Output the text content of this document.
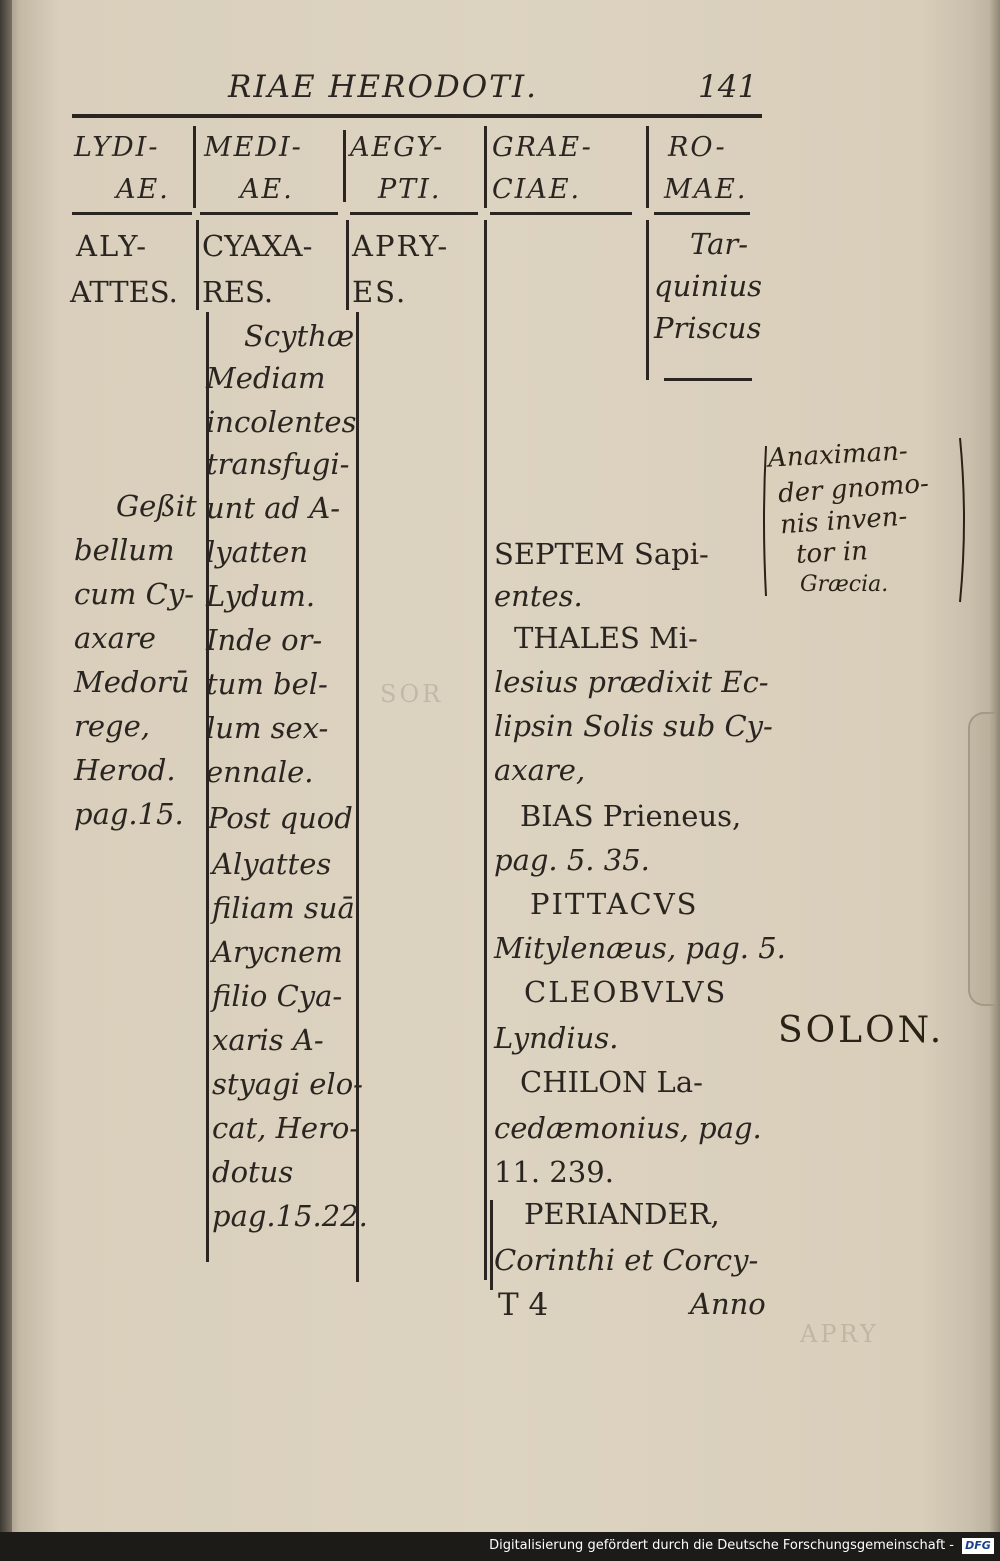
SOR
APRY
RIAE HERODOTI.	141
LYDI-
AE.
MEDI-
AE.
AEGY-
PTI.
GRAE-
CIAE.
RO-
MAE.
ALY-
ATTES.
Geßit
bellum
cum Cy-
axare
Medorū
rege,
Herod.
pag.15.
CYAXA-
RES.
Scythæ
Mediam
incolentes
transfugi-
unt ad A-
lyatten
Lydum.
Inde or-
tum bel-
lum sex-
ennale.
Post quod
Alyattes
filiam suā
Arycnem
filio Cya-
xaris A-
styagi elo-
cat, Hero-
dotus
pag.15.22.
APRY-
ES.
Tar-
quinius
Priscus
SEPTEM Sapi-
entes.
THALES Mi-
lesius prædixit Ec-
lipsin Solis sub Cy-
axare,
BIAS Prieneus,
pag. 5. 35.
PITTACVS
Mitylenæus, pag. 5.
CLEOBVLVS
Lyndius.
CHILON La-
cedæmonius, pag.
11. 239.
PERIANDER,
Corinthi et Corcy-
T 4	Anno
Anaximan-
der gnomo-
nis inven-
tor in
Græcia.
SOLON.
Digitalisierung gefördert durch die Deutsche Forschungsgemeinschaft - DFG
